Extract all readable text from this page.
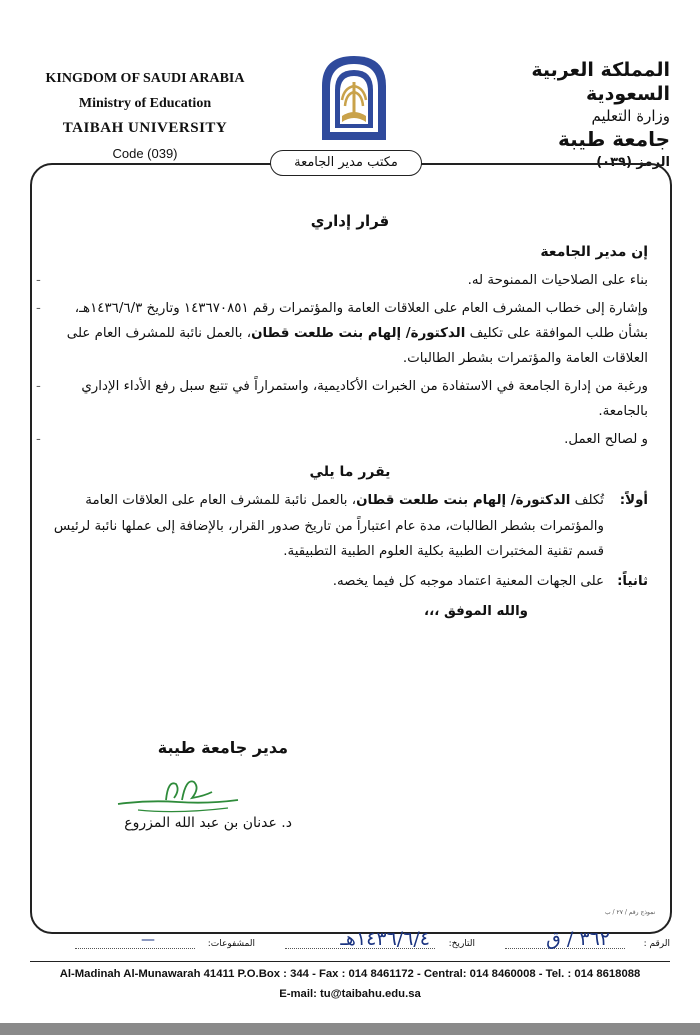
KINGDOM OF SAUDI ARABIA
Ministry of Education
TAIBAH UNIVERSITY
Code (039)
المملكة العربية السعودية
وزارة التعليم
جامعة طيبة
الرمز (٠٣٩)
مكتب مدير الجامعة
قرار إداري
إن مدير الجامعة
-	بناء على الصلاحيات الممنوحة له.
-	وإشارة إلى خطاب المشرف العام على العلاقات العامة والمؤتمرات رقم ١٤٣٦٧٠٨٥١ وتاريخ ١٤٣٦/٦/٣هـ، بشأن طلب الموافقة على تكليف الدكتورة/ إلهام بنت طلعت قطان، بالعمل نائبة للمشرف العام على العلاقات العامة والمؤتمرات بشطر الطالبات.
-	ورغبة من إدارة الجامعة في الاستفادة من الخبرات الأكاديمية، واستمراراً في تتبع سبل رفع الأداء الإداري بالجامعة.
-	و لصالح العمل.
يقرر ما يلي
أولاً:
تُكلف الدكتورة/ إلهام بنت طلعت قطان، بالعمل نائبة للمشرف العام على العلاقات العامة والمؤتمرات بشطر الطالبات، مدة عام اعتباراً من تاريخ صدور القرار، بالإضافة إلى عملها نائبة لرئيس قسم تقنية المختبرات الطبية بكلية العلوم الطبية التطبيقية.
ثانياً:
على الجهات المعنية اعتماد موجبه كل فيما يخصه.
والله الموفق ،،،
مدير جامعة طيبة
د. عدنان بن عبد الله المزروع
نموذج رقم / ٢٧ / ب
الرقم :
٣٦٢ / ق
التاريخ:
١٤٣٦/٦/٤هـ
المشفوعات:
—
Al-Madinah Al-Munawarah 41411 P.O.Box : 344 - Fax : 014 8461172 - Central: 014 8460008 - Tel. : 014 8618088
E-mail: tu@taibahu.edu.sa
